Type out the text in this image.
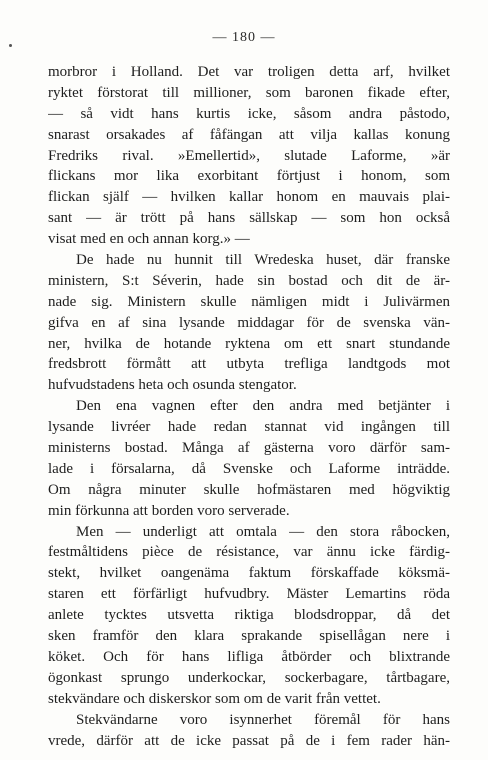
— 180 —
morbror i Holland. Det var troligen detta arf, hvilket
ryktet förstorat till millioner, som baronen fikade efter,
— så vidt hans kurtis icke, såsom andra påstodo,
snarast orsakades af fåfängan att vilja kallas konung
Fredriks rival. »Emellertid», slutade Laforme, »är
flickans mor lika exorbitant förtjust i honom, som
flickan själf — hvilken kallar honom en mauvais plai-
sant — är trött på hans sällskap — som hon också
visat med en och annan korg.» —
De hade nu hunnit till Wredeska huset, där franske
ministern, S:t Séverin, hade sin bostad och dit de är-
nade sig. Ministern skulle nämligen midt i Julivärmen
gifva en af sina lysande middagar för de svenska vän-
ner, hvilka de hotande ryktena om ett snart stundande
fredsbrott förmått att utbyta trefliga landtgods mot
hufvudstadens heta och osunda stengator.
Den ena vagnen efter den andra med betjänter i
lysande livréer hade redan stannat vid ingången till
ministerns bostad. Många af gästerna voro därför sam-
lade i försalarna, då Svenske och Laforme inträdde.
Om några minuter skulle hofmästaren med högviktig
min förkunna att borden voro serverade.
Men — underligt att omtala — den stora råbocken,
festmåltidens pièce de résistance, var ännu icke färdig-
stekt, hvilket oangenäma faktum förskaffade köksmä-
staren ett förfärligt hufvudbry. Mäster Lemartins röda
anlete tycktes utsvetta riktiga blodsdroppar, då det
sken framför den klara sprakande spisellågan nere i
köket. Och för hans lifliga åtbörder och blixtrande
ögonkast sprungo underkockar, sockerbagare, tårtbagare,
stekvändare och diskerskor som om de varit från vettet.
Stekvändarne voro isynnerhet föremål för hans
vrede, därför att de icke passat på de i fem rader hän-
